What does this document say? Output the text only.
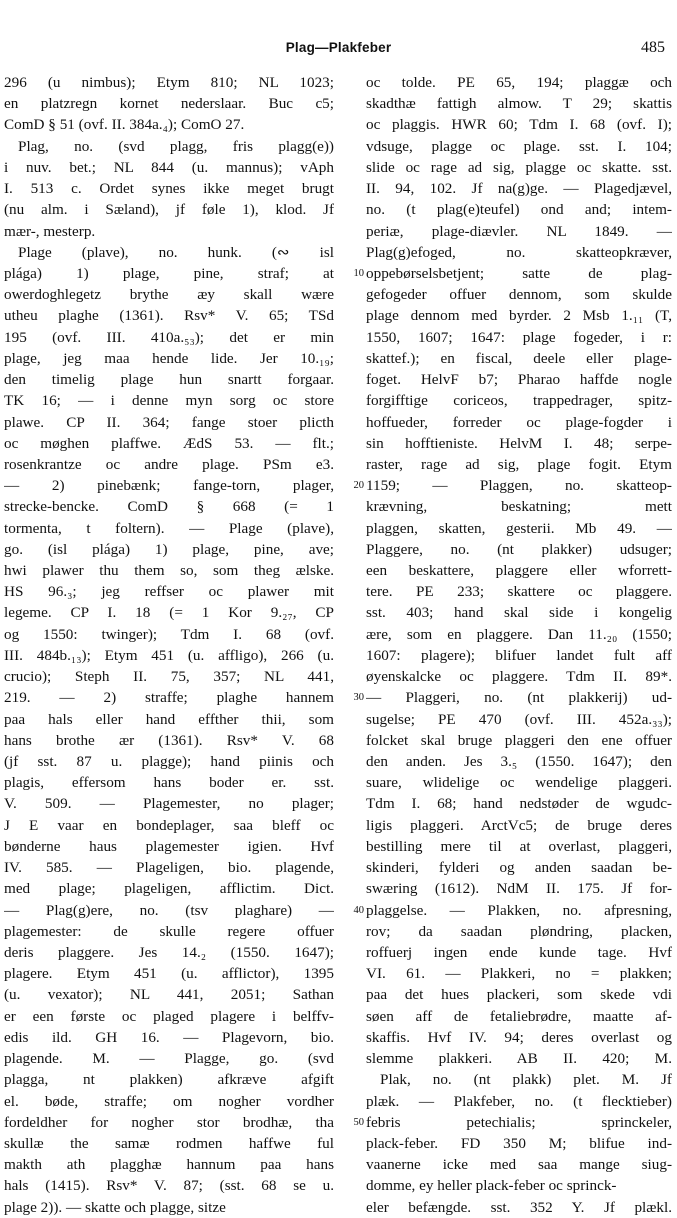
Plag—Plakfeber	485
296 (u nimbus); Etym 810; NL 1023;
en platzregn kornet nederslaar. Buc c5;
ComD § 51 (ovf. II. 384a.₄); ComO 27.
Plag, no. (svd plagg, fris plagg(e))
i nuv. bet.; NL 844 (u. mannus); vAph
I. 513 c. Ordet synes ikke meget brugt
(nu alm. i Sæland), jf føle 1), klod. Jf
mær-, mesterp.
Plage (plave), no. hunk. (∾ isl
plága) 1) plage, pine, straf; at
owerdoghlegetz brythe æy skall wære
utheu plaghe (1361). Rsv* V. 65; TSd
195 (ovf. III. 410a.₅₃); det er min
plage, jeg maa hende lide. Jer 10.₁₉;
den timelig plage hun snartt forgaar.
TK 16; — i denne myn sorg oc store
plawe. CP II. 364; fange stoer plicth
oc møghen plaffwe. ÆdS 53. — flt.;
rosenkrantze oc andre plage. PSm e3.
— 2) pinebænk; fange-torn, plager,
strecke-bencke. ComD § 668 (= 1
tormenta, t foltern). — Plage (plave),
go. (isl plága) 1) plage, pine, ave;
hwi plawer thu them so, som theg ælske.
HS 96.₃; jeg reffser oc plawer mit
legeme. CP I. 18 (= 1 Kor 9.₂₇, CP
og 1550: twinger); Tdm I. 68 (ovf.
III. 484b.₁₃); Etym 451 (u. affligo), 266 (u.
crucio); Steph II. 75, 357; NL 441,
219. — 2) straffe; plaghe hannem
paa hals eller hand effther thii, som
hans brothe ær (1361). Rsv* V. 68
(jf sst. 87 u. plagge); hand piinis och
plagis, effersom hans boder er. sst.
V. 509. — Plagemester, no plager;
J E vaar en bondeplager, saa bleff oc
bønderne haus plagemester igien. Hvf
IV. 585. — Plageligen, bio. plagende,
med plage; plageligen, afflictim. Dict.
— Plag(g)ere, no. (tsv plaghare) —
plagemester: de skulle regere offuer
deris plaggere. Jes 14.₂ (1550. 1647);
plagere. Etym 451 (u. afflictor), 1395
(u. vexator); NL 441, 2051; Sathan
er een første oc plaged plagere i belffv-
edis ild. GH 16. — Plagevorn, bio.
plagende. M. — Plagge, go. (svd
plagga, nt plakken) afkræve afgift
el. bøde, straffe; om nogher vordher
fordeldher for nogher stor brodhæ, tha
skullæ the samæ rodmen haffwe ful
makth ath plagghæ hannum paa hans
hals (1415). Rsv* V. 87; (sst. 68 se u.
plage 2)). — skatte och plagge, sitze
10
20
30
40
50
oc tolde. PE 65, 194; plaggæ och
skadthæ fattigh almow. T 29; skattis
oc plaggis. HWR 60; Tdm I. 68 (ovf. I);
vdsuge, plagge oc plage. sst. I. 104;
slide oc rage ad sig, plagge oc skatte. sst.
II. 94, 102. Jf na(g)ge. — Plagedjævel,
no. (t plag(e)teufel) ond and; intem-
periæ, plage-diævler. NL 1849. —
Plag(g)efoged, no. skatteopkræver,
oppebørselsbetjent; satte de plag-
gefogeder offuer dennom, som skulde
plage dennom med byrder. 2 Msb 1.₁₁ (T,
1550, 1607; 1647: plage fogeder, i r:
skattef.); en fiscal, deele eller plage-
foget. HelvF b7; Pharao haffde nogle
forgifftige coriceos, trappedrager, spitz-
hoffueder, forreder oc plage-fogder i
sin hofftieniste. HelvM I. 48; serpe-
raster, rage ad sig, plage fogit. Etym
1159; — Plaggen, no. skatteop-
krævning, beskatning; mett
plaggen, skatten, gesterii. Mb 49. —
Plaggere, no. (nt plakker) udsuger;
een beskattere, plaggere eller wforrett-
tere. PE 233; skattere oc plaggere.
sst. 403; hand skal side i kongelig
ære, som en plaggere. Dan 11.₂₀ (1550;
1607: plagere); blifuer landet fult aff
øyenskalcke oc plaggere. Tdm II. 89*.
— Plaggeri, no. (nt plakkerij) ud-
sugelse; PE 470 (ovf. III. 452a.₃₃);
folcket skal bruge plaggeri den ene offuer
den anden. Jes 3.₅ (1550. 1647); den
suare, wlidelige oc wendelige plaggeri.
Tdm I. 68; hand nedstøder de wgudc-
ligis plaggeri. ArctVc5; de bruge deres
bestilling mere til at overlast, plaggeri,
skinderi, fylderi og anden saadan be-
swæring (1612). NdM II. 175. Jf for-
plaggelse. — Plakken, no. afpresning,
rov; da saadan pløndring, placken,
roffuerj ingen ende kunde tage. Hvf
VI. 61. — Plakkeri, no = plakken;
paa det hues plackeri, som skede vdi
søen aff de fetaliebrødre, maatte af-
skaffis. Hvf IV. 94; deres overlast og
slemme plakkeri. AB II. 420; M.
Plak, no. (nt plakk) plet. M. Jf
plæk. — Plakfeber, no. (t flecktieber)
febris petechialis; sprinckeler,
plack-feber. FD 350 M; blifue ind-
vaanerne icke med saa mange siug-
domme, ey heller plack-feber oc sprinck-
eler befængde. sst. 352 Y. Jf plækl.
